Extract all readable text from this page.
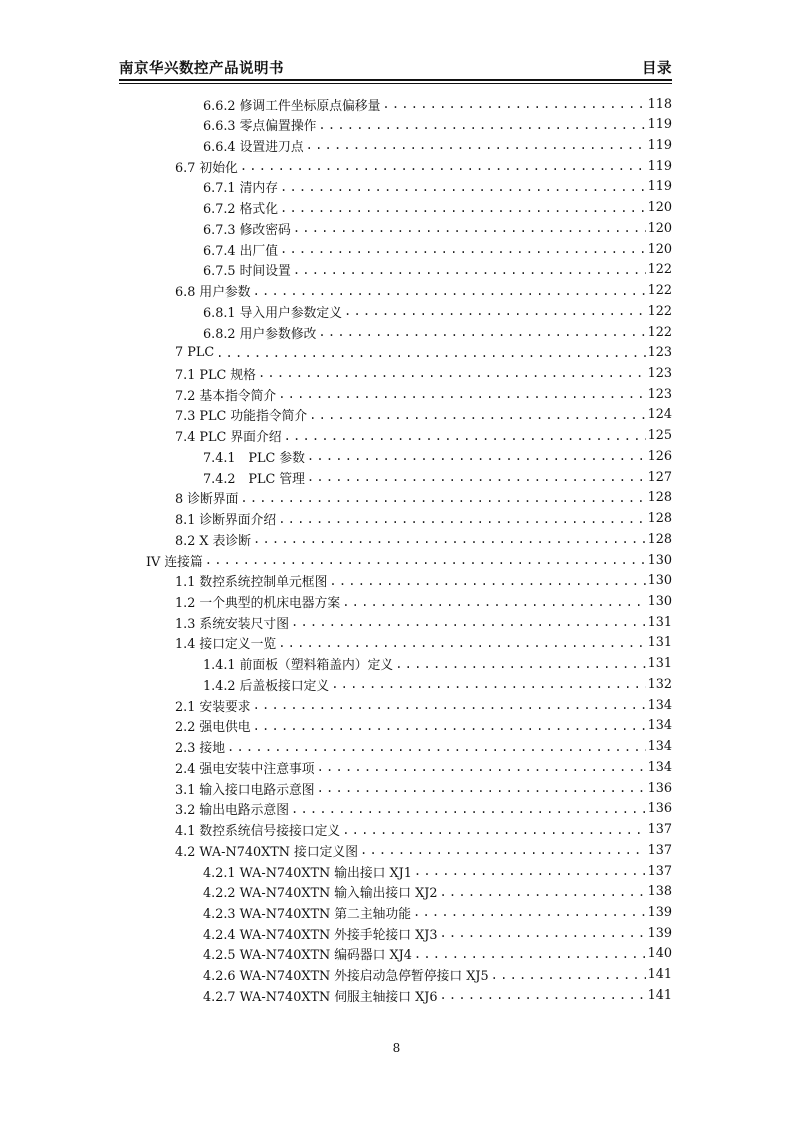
南京华兴数控产品说明书	目录
6.6.2 修调工件坐标原点偏移量 . . .	118
6.6.3 零点偏置操作 . . .	119
6.6.4 设置进刀点 . . .	119
6.7 初始化 . . .	119
6.7.1 清内存 . . .	119
6.7.2 格式化 . . .	120
6.7.3 修改密码 . . .	120
6.7.4 出厂值 . . .	120
6.7.5 时间设置 . . .	122
6.8 用户参数 . . .	122
6.8.1 导入用户参数定义 . . .	122
6.8.2 用户参数修改 . . .	122
7 PLC . . .	123
7.1 PLC 规格 . . .	123
7.2 基本指令简介 . . .	123
7.3 PLC 功能指令简介 . . .	124
7.4 PLC 界面介绍 . . .	125
7.4.1　PLC 参数 . . .	126
7.4.2　PLC 管理 . . .	127
8 诊断界面 . . .	128
8.1 诊断界面介绍 . . .	128
8.2 X 表诊断 . . .	128
IV 连接篇 . . .	130
1.1 数控系统控制单元框图 . . .	130
1.2 一个典型的机床电器方案 . . .	130
1.3 系统安装尺寸图 . . .	131
1.4 接口定义一览 . . .	131
1.4.1 前面板（塑料箱盖内）定义 . . .	131
1.4.2 后盖板接口定义 . . .	132
2.1 安装要求 . . .	134
2.2 强电供电 . . .	134
2.3 接地 . . .	134
2.4 强电安装中注意事项 . . .	134
3.1 输入接口电路示意图 . . .	136
3.2 输出电路示意图 . . .	136
4.1 数控系统信号接接口定义 . . .	137
4.2 WA-N740XTN 接口定义图 . . .	137
4.2.1 WA-N740XTN 输出接口 XJ1 . . .	137
4.2.2 WA-N740XTN 输入输出接口 XJ2 . . .	138
4.2.3 WA-N740XTN 第二主轴功能 . . .	139
4.2.4 WA-N740XTN 外接手轮接口 XJ3 . . .	139
4.2.5 WA-N740XTN 编码器口 XJ4 . . .	140
4.2.6 WA-N740XTN 外接启动急停暂停接口 XJ5 . . .	141
4.2.7 WA-N740XTN 伺服主轴接口 XJ6 . . .	141
8
